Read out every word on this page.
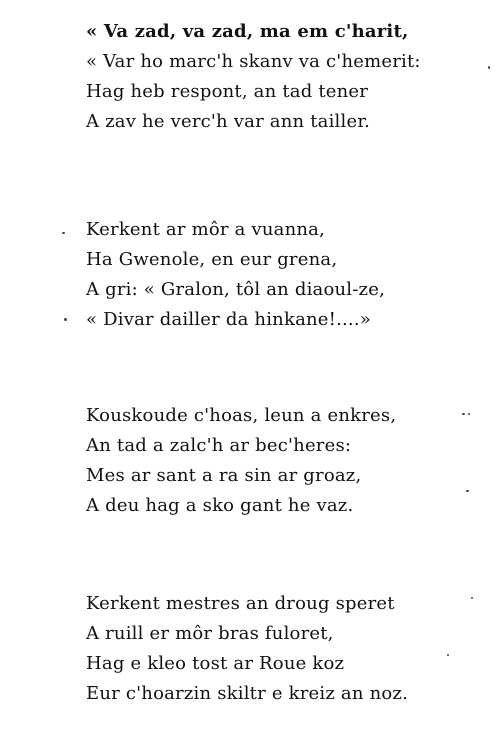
« Va zad, va zad, ma em c'harit,
« Var ho marc'h skanv va c'hemerit:
Hag heb respont, an tad tener
A zav he verc'h var ann tailler.
Kerkent ar môr a vuanna,
Ha Gwenole, en eur grena,
A gri: « Gralon, tôl an diaoul-ze,
« Divar dailler da hinkane!....»
Kouskoude c'hoas, leun a enkres,
An tad a zalc'h ar bec'heres:
Mes ar sant a ra sin ar groaz,
A deu hag a sko gant he vaz.
Kerkent mestres an droug speret
A ruill er môr bras fuloret,
Hag e kleo tost ar Roue koz
Eur c'hoarzin skiltr e kreiz an noz.
